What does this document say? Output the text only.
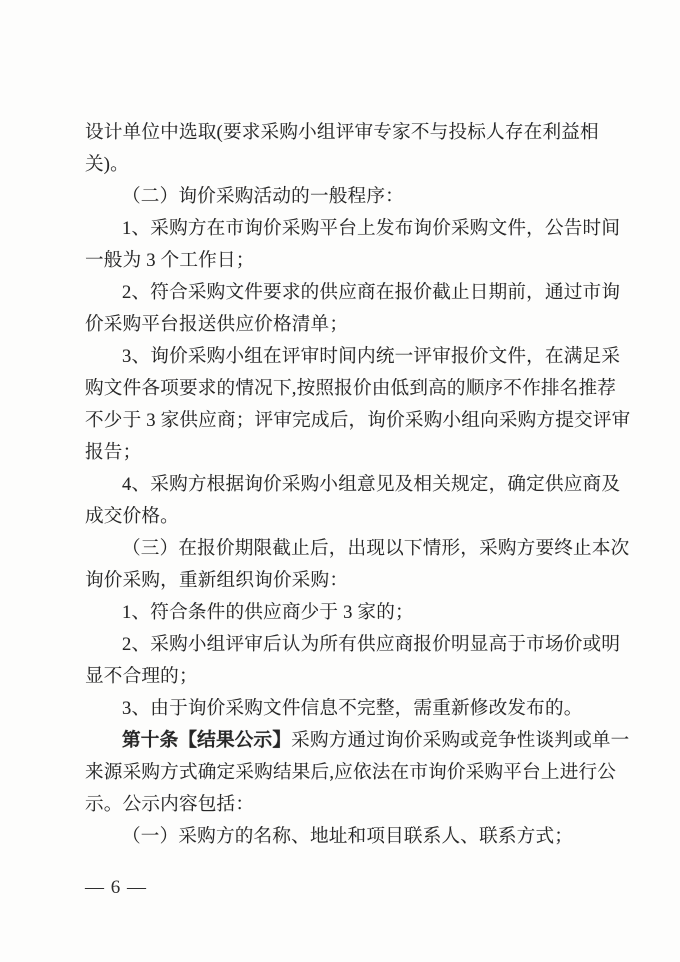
设计单位中选取(要求采购小组评审专家不与投标人存在利益相
关)。
（二）询价采购活动的一般程序：
1、采购方在市询价采购平台上发布询价采购文件，公告时间
一般为 3 个工作日；
2、符合采购文件要求的供应商在报价截止日期前，通过市询
价采购平台报送供应价格清单；
3、询价采购小组在评审时间内统一评审报价文件，在满足采
购文件各项要求的情况下,按照报价由低到高的顺序不作排名推荐
不少于 3 家供应商；评审完成后，询价采购小组向采购方提交评审
报告；
4、采购方根据询价采购小组意见及相关规定，确定供应商及
成交价格。
（三）在报价期限截止后，出现以下情形，采购方要终止本次
询价采购，重新组织询价采购：
1、符合条件的供应商少于 3 家的；
2、采购小组评审后认为所有供应商报价明显高于市场价或明
显不合理的；
3、由于询价采购文件信息不完整，需重新修改发布的。
第十条【结果公示】采购方通过询价采购或竞争性谈判或单一
来源采购方式确定采购结果后,应依法在市询价采购平台上进行公
示。公示内容包括：
（一）采购方的名称、地址和项目联系人、联系方式；
— 6 —
